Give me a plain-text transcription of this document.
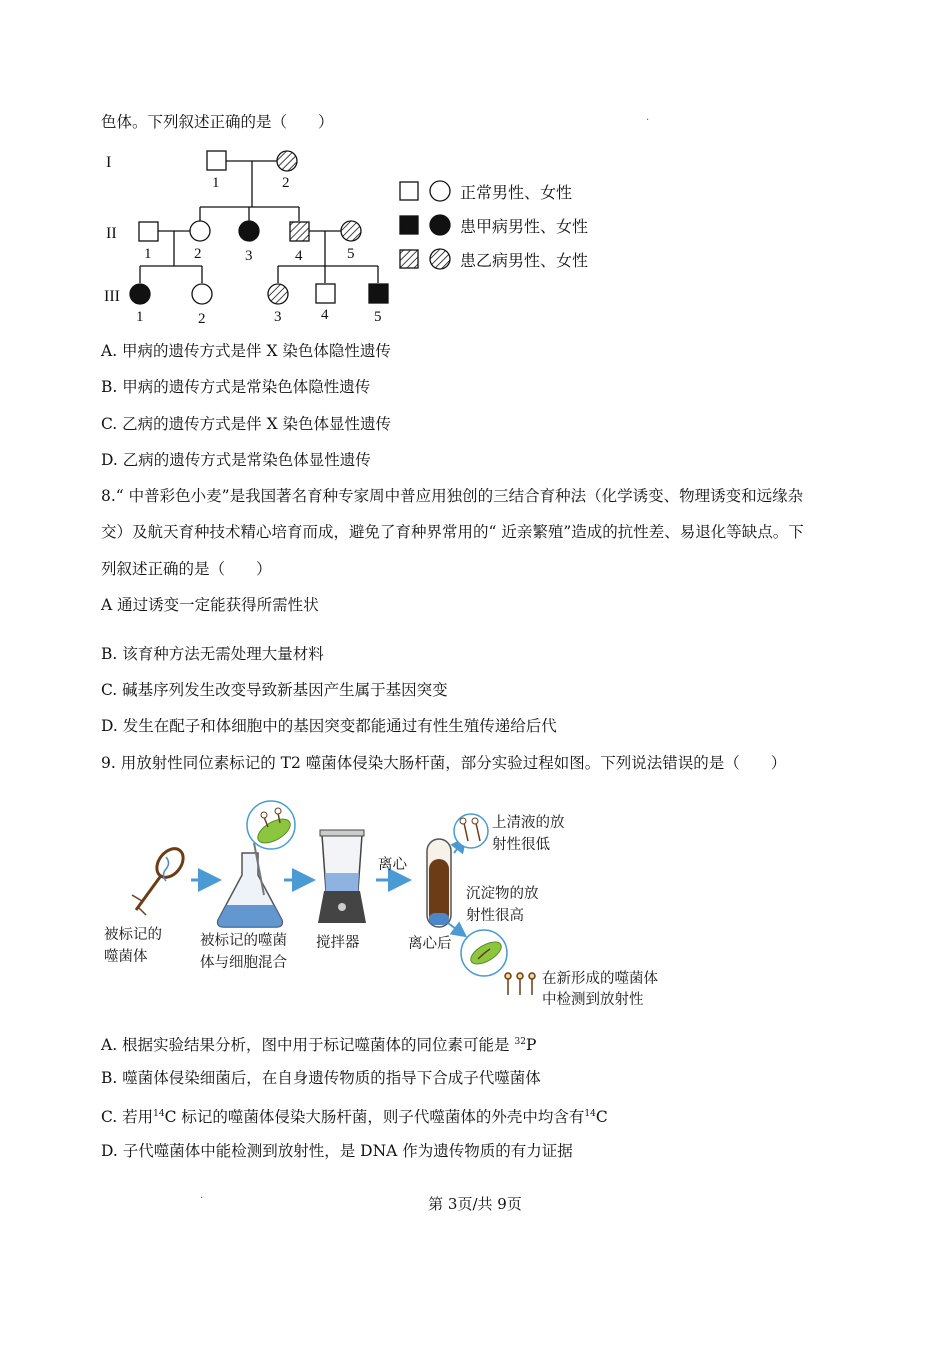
色体。下列叙述正确的是（　　）	.
I
II
III
1	2
1	2	3	4	5
1	2	3	4	5
正常男性、女性
患甲病男性、女性
患乙病男性、女性
A. 甲病的遗传方式是伴 X 染色体隐性遗传
B. 甲病的遗传方式是常染色体隐性遗传
C. 乙病的遗传方式是伴 X 染色体显性遗传
D. 乙病的遗传方式是常染色体显性遗传
8.“ 中普彩色小麦”是我国著名育种专家周中普应用独创的三结合育种法（化学诱变、物理诱变和远缘杂
交）及航天育种技术精心培育而成，避免了育种界常用的“ 近亲繁殖”造成的抗性差、易退化等缺点。下
列叙述正确的是（　　）
A 通过诱变一定能获得所需性状
B. 该育种方法无需处理大量材料
C. 碱基序列发生改变导致新基因产生属于基因突变
D. 发生在配子和体细胞中的基因突变都能通过有性生殖传递给后代
9. 用放射性同位素标记的 T2 噬菌体侵染大肠杆菌，部分实验过程如图。下列说法错误的是（　　）
被标记的
噬菌体
被标记的噬菌
体与细胞混合
搅拌器
离心
离心后
上清液的放
射性很低
沉淀物的放
射性很高
在新形成的噬菌体
中检测到放射性
A. 根据实验结果分析，图中用于标记噬菌体的同位素可能是 $^{32}$P
B. 噬菌体侵染细菌后，在自身遗传物质的指导下合成子代噬菌体
C. 若用$^{14}$C 标记的噬菌体侵染大肠杆菌，则子代噬菌体的外壳中均含有$^{14}$C
D. 子代噬菌体中能检测到放射性，是 DNA 作为遗传物质的有力证据
.	第 3页/共 9页
